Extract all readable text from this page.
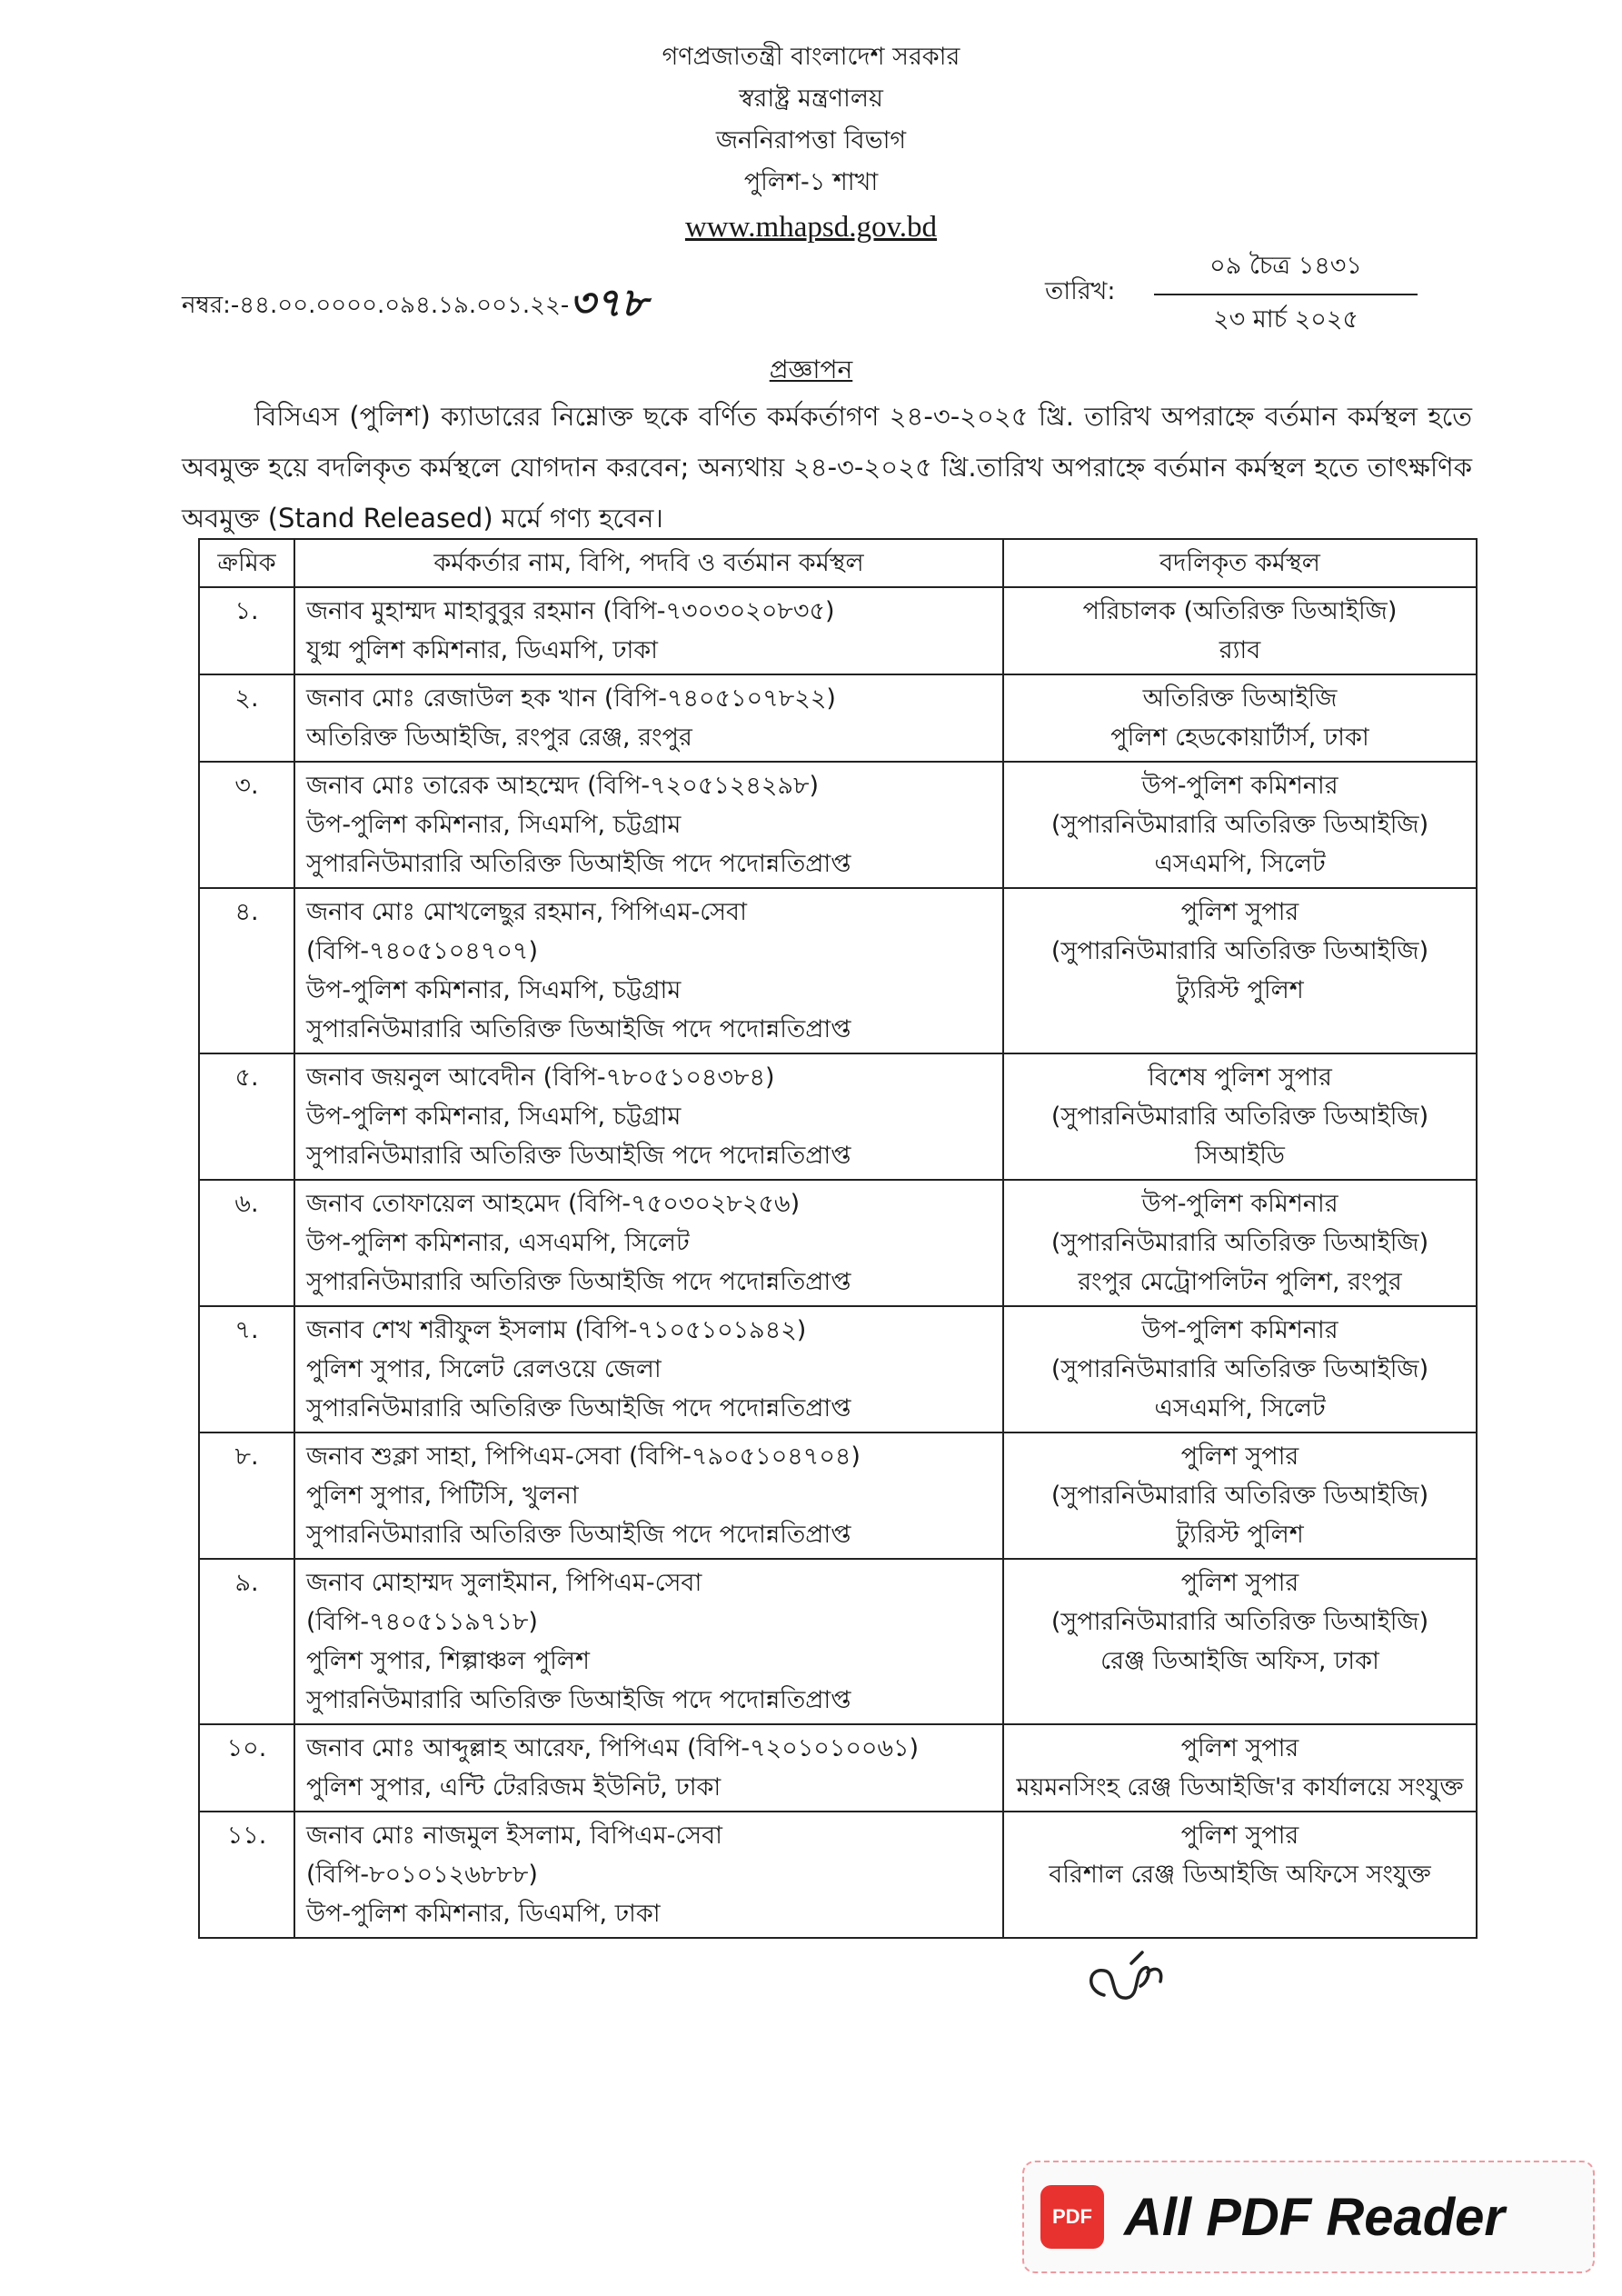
গণপ্রজাতন্ত্রী বাংলাদেশ সরকার
স্বরাষ্ট্র মন্ত্রণালয়
জননিরাপত্তা বিভাগ
পুলিশ-১ শাখা
www.mhapsd.gov.bd
নম্বর:-৪৪.০০.০০০০.০৯৪.১৯.০০১.২২-৩৭৮	তারিখ:
০৯ চৈত্র ১৪৩১
২৩ মার্চ ২০২৫
প্রজ্ঞাপন

বিসিএস (পুলিশ) ক্যাডারের নিম্নোক্ত ছকে বর্ণিত কর্মকর্তাগণ ২৪-৩-২০২৫ খ্রি. তারিখ অপরাহ্নে বর্তমান কর্মস্থল হতে অবমুক্ত হয়ে বদলিকৃত কর্মস্থলে যোগদান করবেন; অন্যথায় ২৪-৩-২০২৫ খ্রি.তারিখ অপরাহ্নে বর্তমান কর্মস্থল হতে তাৎক্ষণিক অবমুক্ত (Stand Released) মর্মে গণ্য হবেন।

ক্রমিক	কর্মকর্তার নাম, বিপি, পদবি ও বর্তমান কর্মস্থল	বদলিকৃত কর্মস্থল
১.	জনাব মুহাম্মদ মাহাবুবুর রহমান (বিপি-৭৩০৩০২০৮৩৫)
যুগ্ম পুলিশ কমিশনার, ডিএমপি, ঢাকা	পরিচালক (অতিরিক্ত ডিআইজি)
র‍্যাব

২.	জনাব মোঃ রেজাউল হক খান (বিপি-৭৪০৫১০৭৮২২)
অতিরিক্ত ডিআইজি, রংপুর রেঞ্জ, রংপুর	অতিরিক্ত ডিআইজি
পুলিশ হেডকোয়ার্টার্স, ঢাকা

৩.	জনাব মোঃ তারেক আহম্মেদ (বিপি-৭২০৫১২৪২৯৮)
উপ-পুলিশ কমিশনার, সিএমপি, চট্টগ্রাম
সুপারনিউমারারি অতিরিক্ত ডিআইজি পদে পদোন্নতিপ্রাপ্ত	উপ-পুলিশ কমিশনার
(সুপারনিউমারারি অতিরিক্ত ডিআইজি)
এসএমপি, সিলেট

৪.	জনাব মোঃ মোখলেছুর রহমান, পিপিএম-সেবা
(বিপি-৭৪০৫১০৪৭০৭)
উপ-পুলিশ কমিশনার, সিএমপি, চট্টগ্রাম
সুপারনিউমারারি অতিরিক্ত ডিআইজি পদে পদোন্নতিপ্রাপ্ত	পুলিশ সুপার
(সুপারনিউমারারি অতিরিক্ত ডিআইজি)
ট্যুরিস্ট পুলিশ

৫.	জনাব জয়নুল আবেদীন (বিপি-৭৮০৫১০৪৩৮৪)
উপ-পুলিশ কমিশনার, সিএমপি, চট্টগ্রাম
সুপারনিউমারারি অতিরিক্ত ডিআইজি পদে পদোন্নতিপ্রাপ্ত	বিশেষ পুলিশ সুপার
(সুপারনিউমারারি অতিরিক্ত ডিআইজি)
সিআইডি

৬.	জনাব তোফায়েল আহমেদ (বিপি-৭৫০৩০২৮২৫৬)
উপ-পুলিশ কমিশনার, এসএমপি, সিলেট
সুপারনিউমারারি অতিরিক্ত ডিআইজি পদে পদোন্নতিপ্রাপ্ত	উপ-পুলিশ কমিশনার
(সুপারনিউমারারি অতিরিক্ত ডিআইজি)
রংপুর মেট্রোপলিটন পুলিশ, রংপুর

৭.	জনাব শেখ শরীফুল ইসলাম (বিপি-৭১০৫১০১৯৪২)
পুলিশ সুপার, সিলেট রেলওয়ে জেলা
সুপারনিউমারারি অতিরিক্ত ডিআইজি পদে পদোন্নতিপ্রাপ্ত	উপ-পুলিশ কমিশনার
(সুপারনিউমারারি অতিরিক্ত ডিআইজি)
এসএমপি, সিলেট

৮.	জনাব শুক্লা সাহা, পিপিএম-সেবা (বিপি-৭৯০৫১০৪৭০৪)
পুলিশ সুপার, পিটিসি, খুলনা
সুপারনিউমারারি অতিরিক্ত ডিআইজি পদে পদোন্নতিপ্রাপ্ত	পুলিশ সুপার
(সুপারনিউমারারি অতিরিক্ত ডিআইজি)
ট্যুরিস্ট পুলিশ

৯.	জনাব মোহাম্মদ সুলাইমান, পিপিএম-সেবা
(বিপি-৭৪০৫১১৯৭১৮)
পুলিশ সুপার, শিল্পাঞ্চল পুলিশ
সুপারনিউমারারি অতিরিক্ত ডিআইজি পদে পদোন্নতিপ্রাপ্ত	পুলিশ সুপার
(সুপারনিউমারারি অতিরিক্ত ডিআইজি)
রেঞ্জ ডিআইজি অফিস, ঢাকা

১০.	জনাব মোঃ আব্দুল্লাহ আরেফ, পিপিএম (বিপি-৭২০১০১০০৬১)
পুলিশ সুপার, এন্টি টেররিজম ইউনিট, ঢাকা	পুলিশ সুপার
ময়মনসিংহ রেঞ্জ ডিআইজি'র কার্যালয়ে সংযুক্ত

১১.	জনাব মোঃ নাজমুল ইসলাম, বিপিএম-সেবা
(বিপি-৮০১০১২৬৮৮৮)
উপ-পুলিশ কমিশনার, ডিএমপি, ঢাকা	পুলিশ সুপার
বরিশাল রেঞ্জ ডিআইজি অফিসে সংযুক্ত
PDF All PDF Reader
